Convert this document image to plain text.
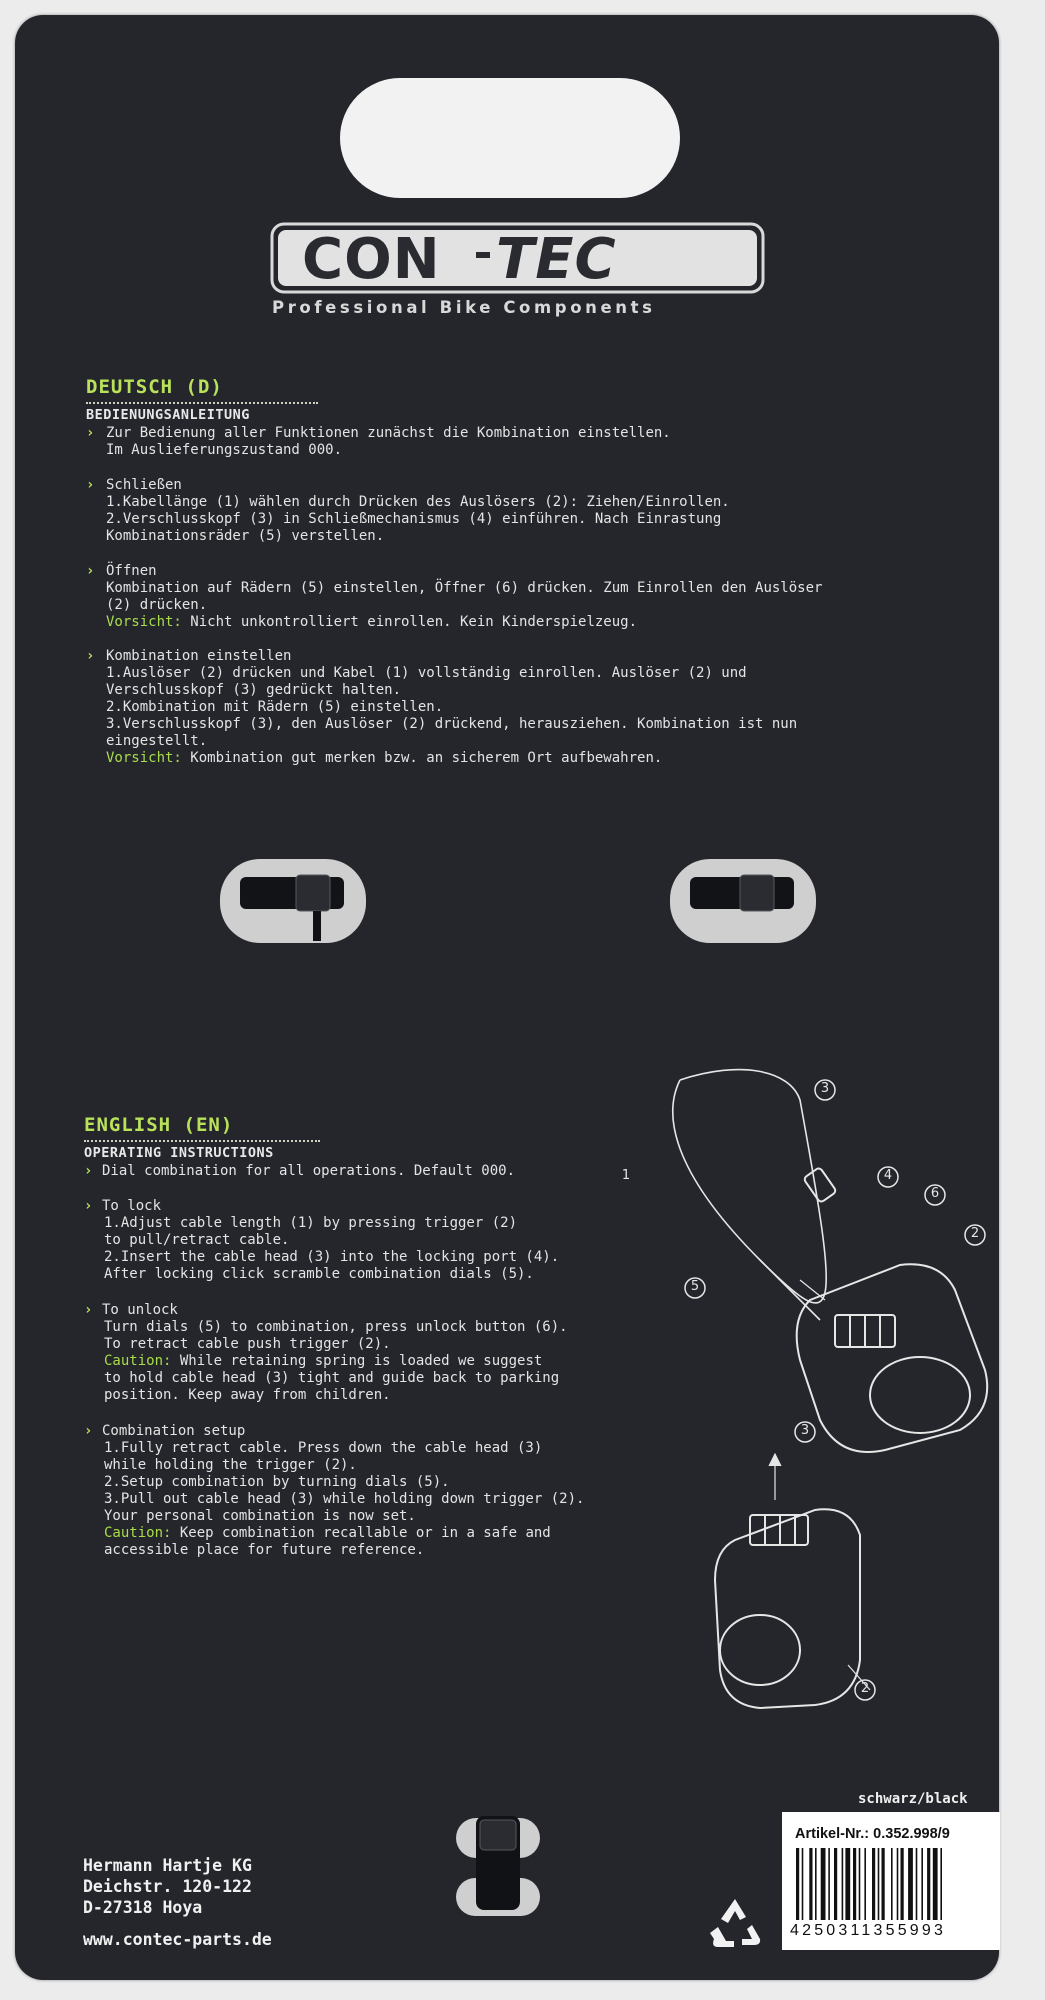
CON TEC
Professional Bike Components
DEUTSCH (D)
BEDIENUNGSANLEITUNG
› Zur Bedienung aller Funktionen zunächst die Kombination einstellen.
Im Auslieferungszustand 000.
› Schließen
1.Kabellänge (1) wählen durch Drücken des Auslösers (2): Ziehen/Einrollen.
2.Verschlusskopf (3) in Schließmechanismus (4) einführen. Nach Einrastung
Kombinationsräder (5) verstellen.
› Öffnen
Kombination auf Rädern (5) einstellen, Öffner (6) drücken. Zum Einrollen den Auslöser
(2) drücken.
Vorsicht: Nicht unkontrolliert einrollen. Kein Kinderspielzeug.
› Kombination einstellen
1.Auslöser (2) drücken und Kabel (1) vollständig einrollen. Auslöser (2) und
Verschlusskopf (3) gedrückt halten.
2.Kombination mit Rädern (5) einstellen.
3.Verschlusskopf (3), den Auslöser (2) drückend, herausziehen. Kombination ist nun
eingestellt.
Vorsicht: Kombination gut merken bzw. an sicherem Ort aufbewahren.
ENGLISH (EN)
OPERATING INSTRUCTIONS
› Dial combination for all operations. Default 000.
› To lock
1.Adjust cable length (1) by pressing trigger (2)
to pull/retract cable.
2.Insert the cable head (3) into the locking port (4).
After locking click scramble combination dials (5).
› To unlock
Turn dials (5) to combination, press unlock button (6).
To retract cable push trigger (2).
Caution: While retaining spring is loaded we suggest
to hold cable head (3) tight and guide back to parking
position. Keep away from children.
› Combination setup
1.Fully retract cable. Press down the cable head (3)
while holding the trigger (2).
2.Setup combination by turning dials (5).
3.Pull out cable head (3) while holding down trigger (2).
Your personal combination is now set.
Caution: Keep combination recallable or in a safe and
accessible place for future reference.
1
3
4
6
2
5
3
2
Hermann Hartje KG
Deichstr. 120-122
D-27318 Hoya
www.contec-parts.de
schwarz/black
Artikel-Nr.: 0.352.998/9
4250311355993
